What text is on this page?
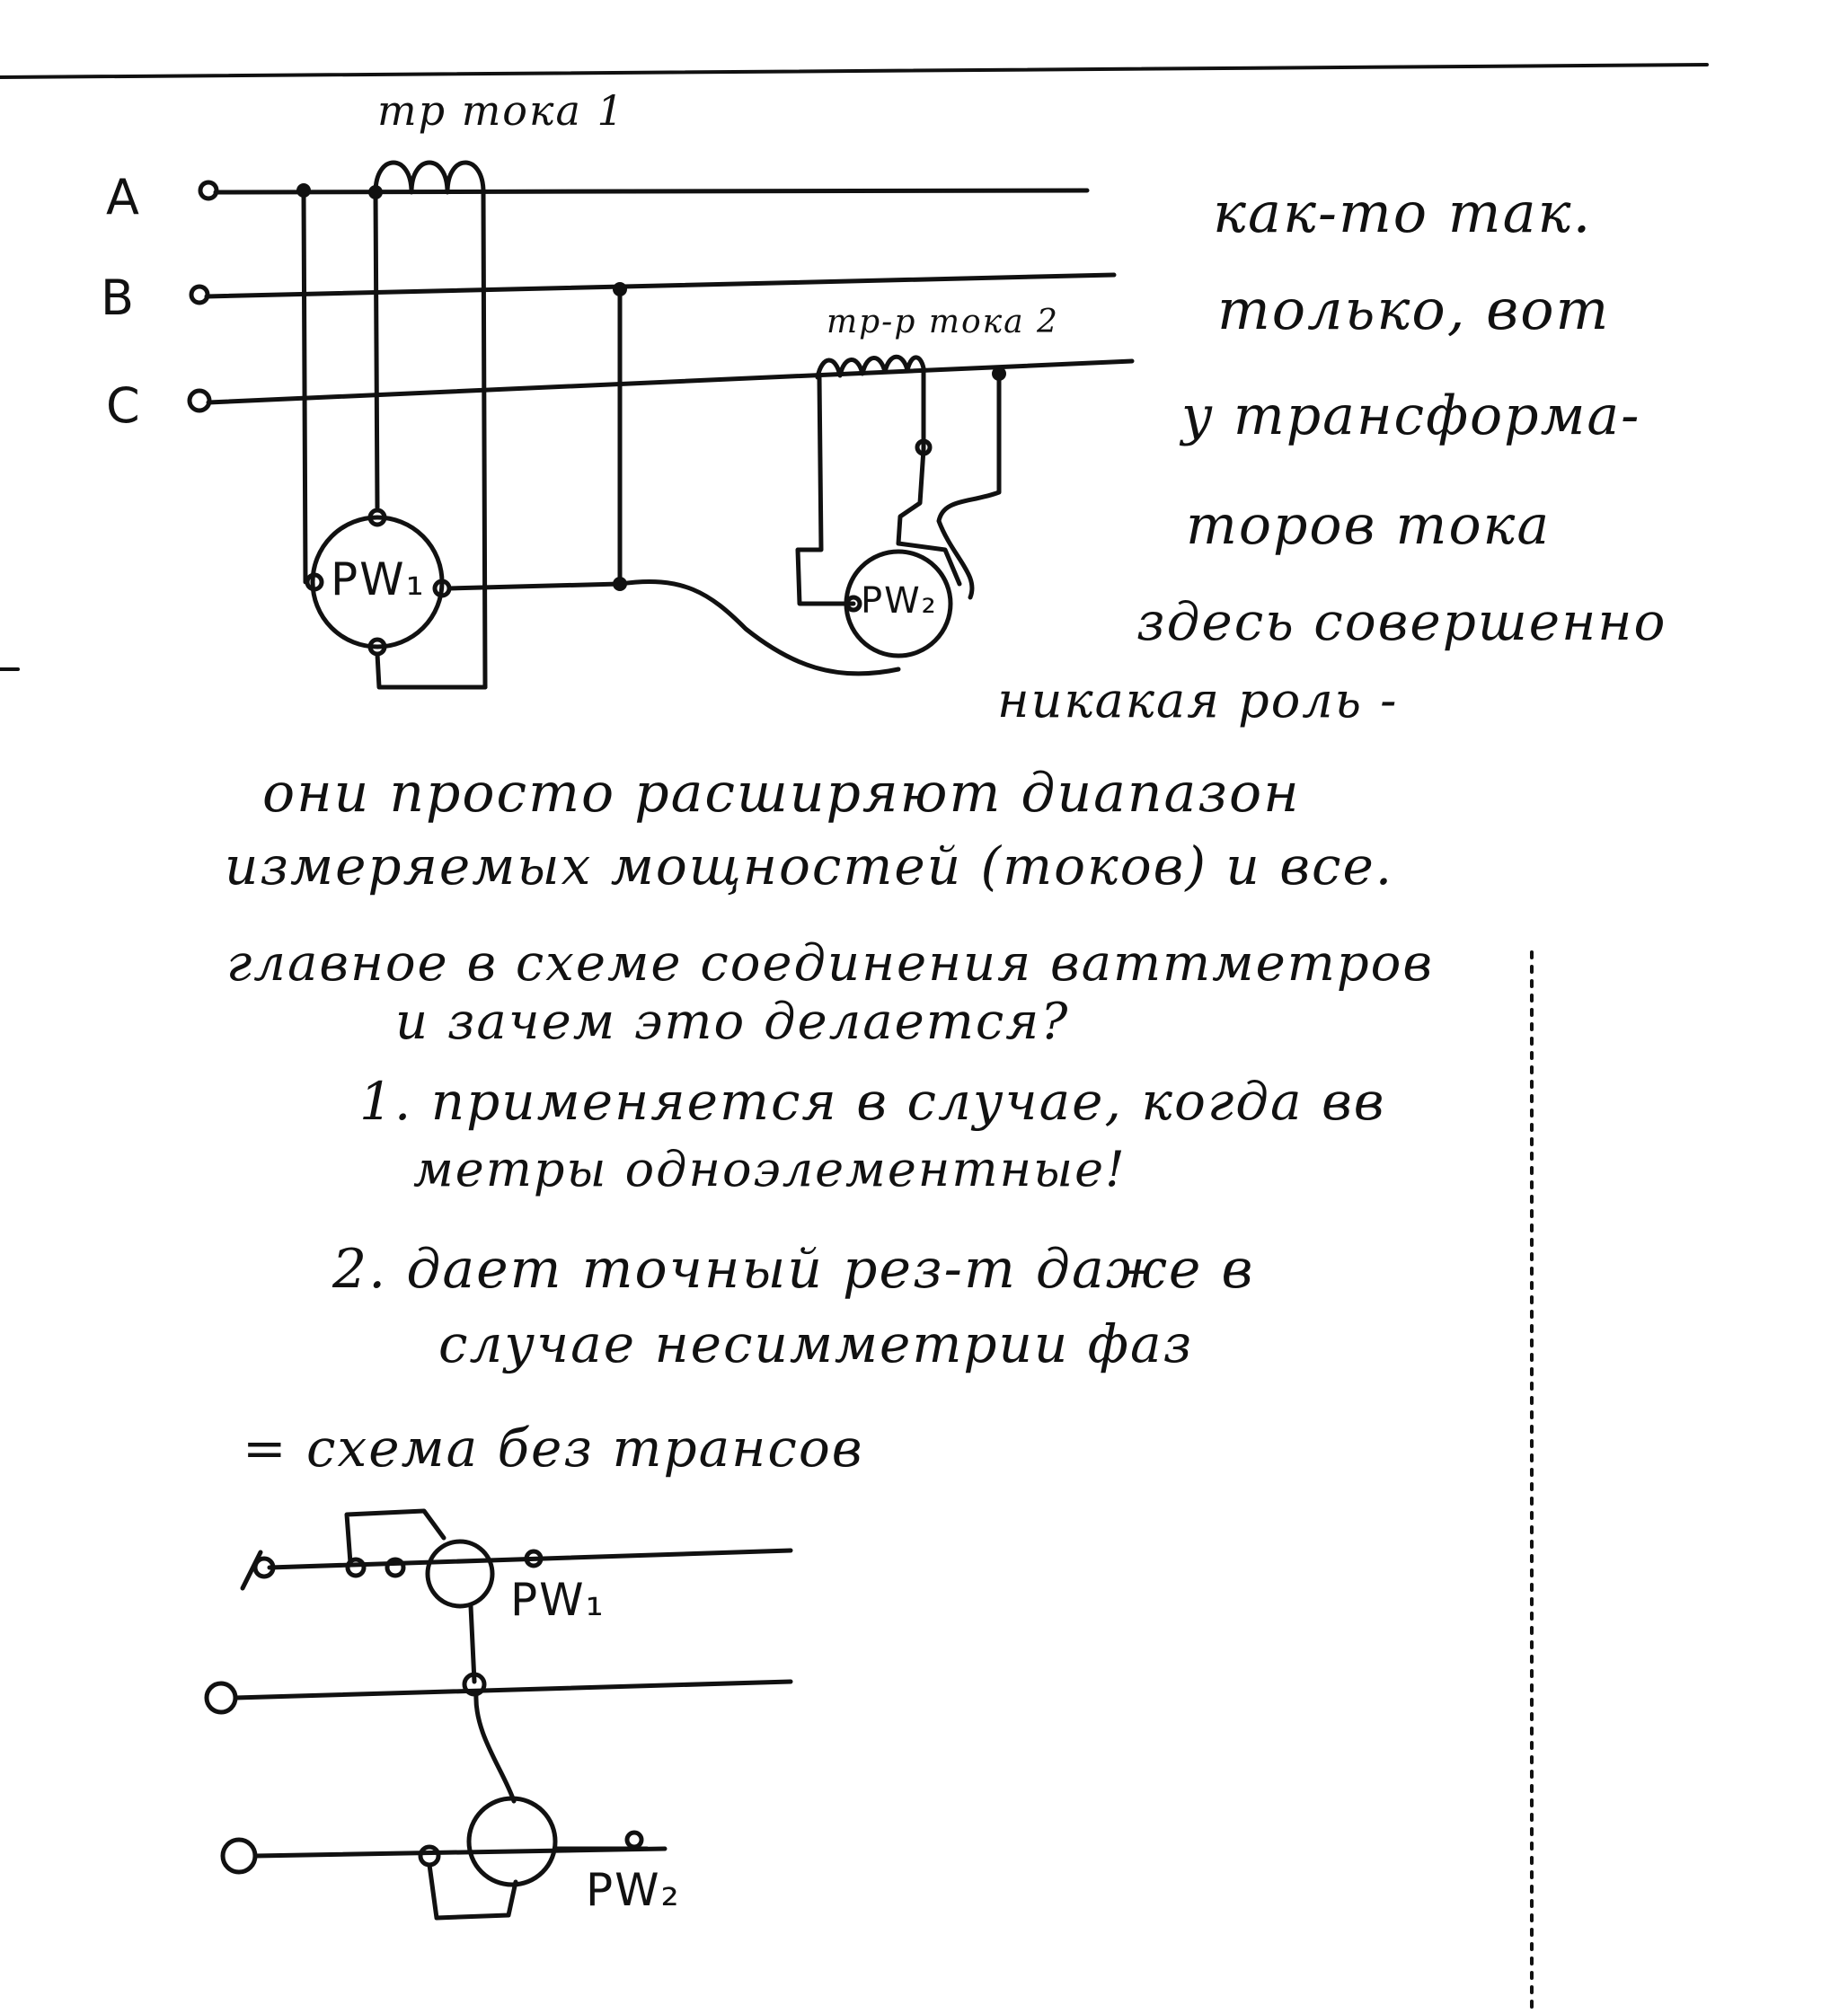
тр тока 1
тр-р тока 2
A
B
C
PW₁	PW₂
как-то так.
только, вот
у трансформа-
торов тока
здесь совершенно
никакая роль -
они просто расширяют диапазон
измеряемых мощностей (токов) и все.
главное в схеме соединения ваттметров
и зачем это делается?
1. применяется в случае, когда вв
метры одноэлементные!
2. дает точный рез-т даже в
случае несимметрии фаз
= схема без трансов
PW₁
PW₂
